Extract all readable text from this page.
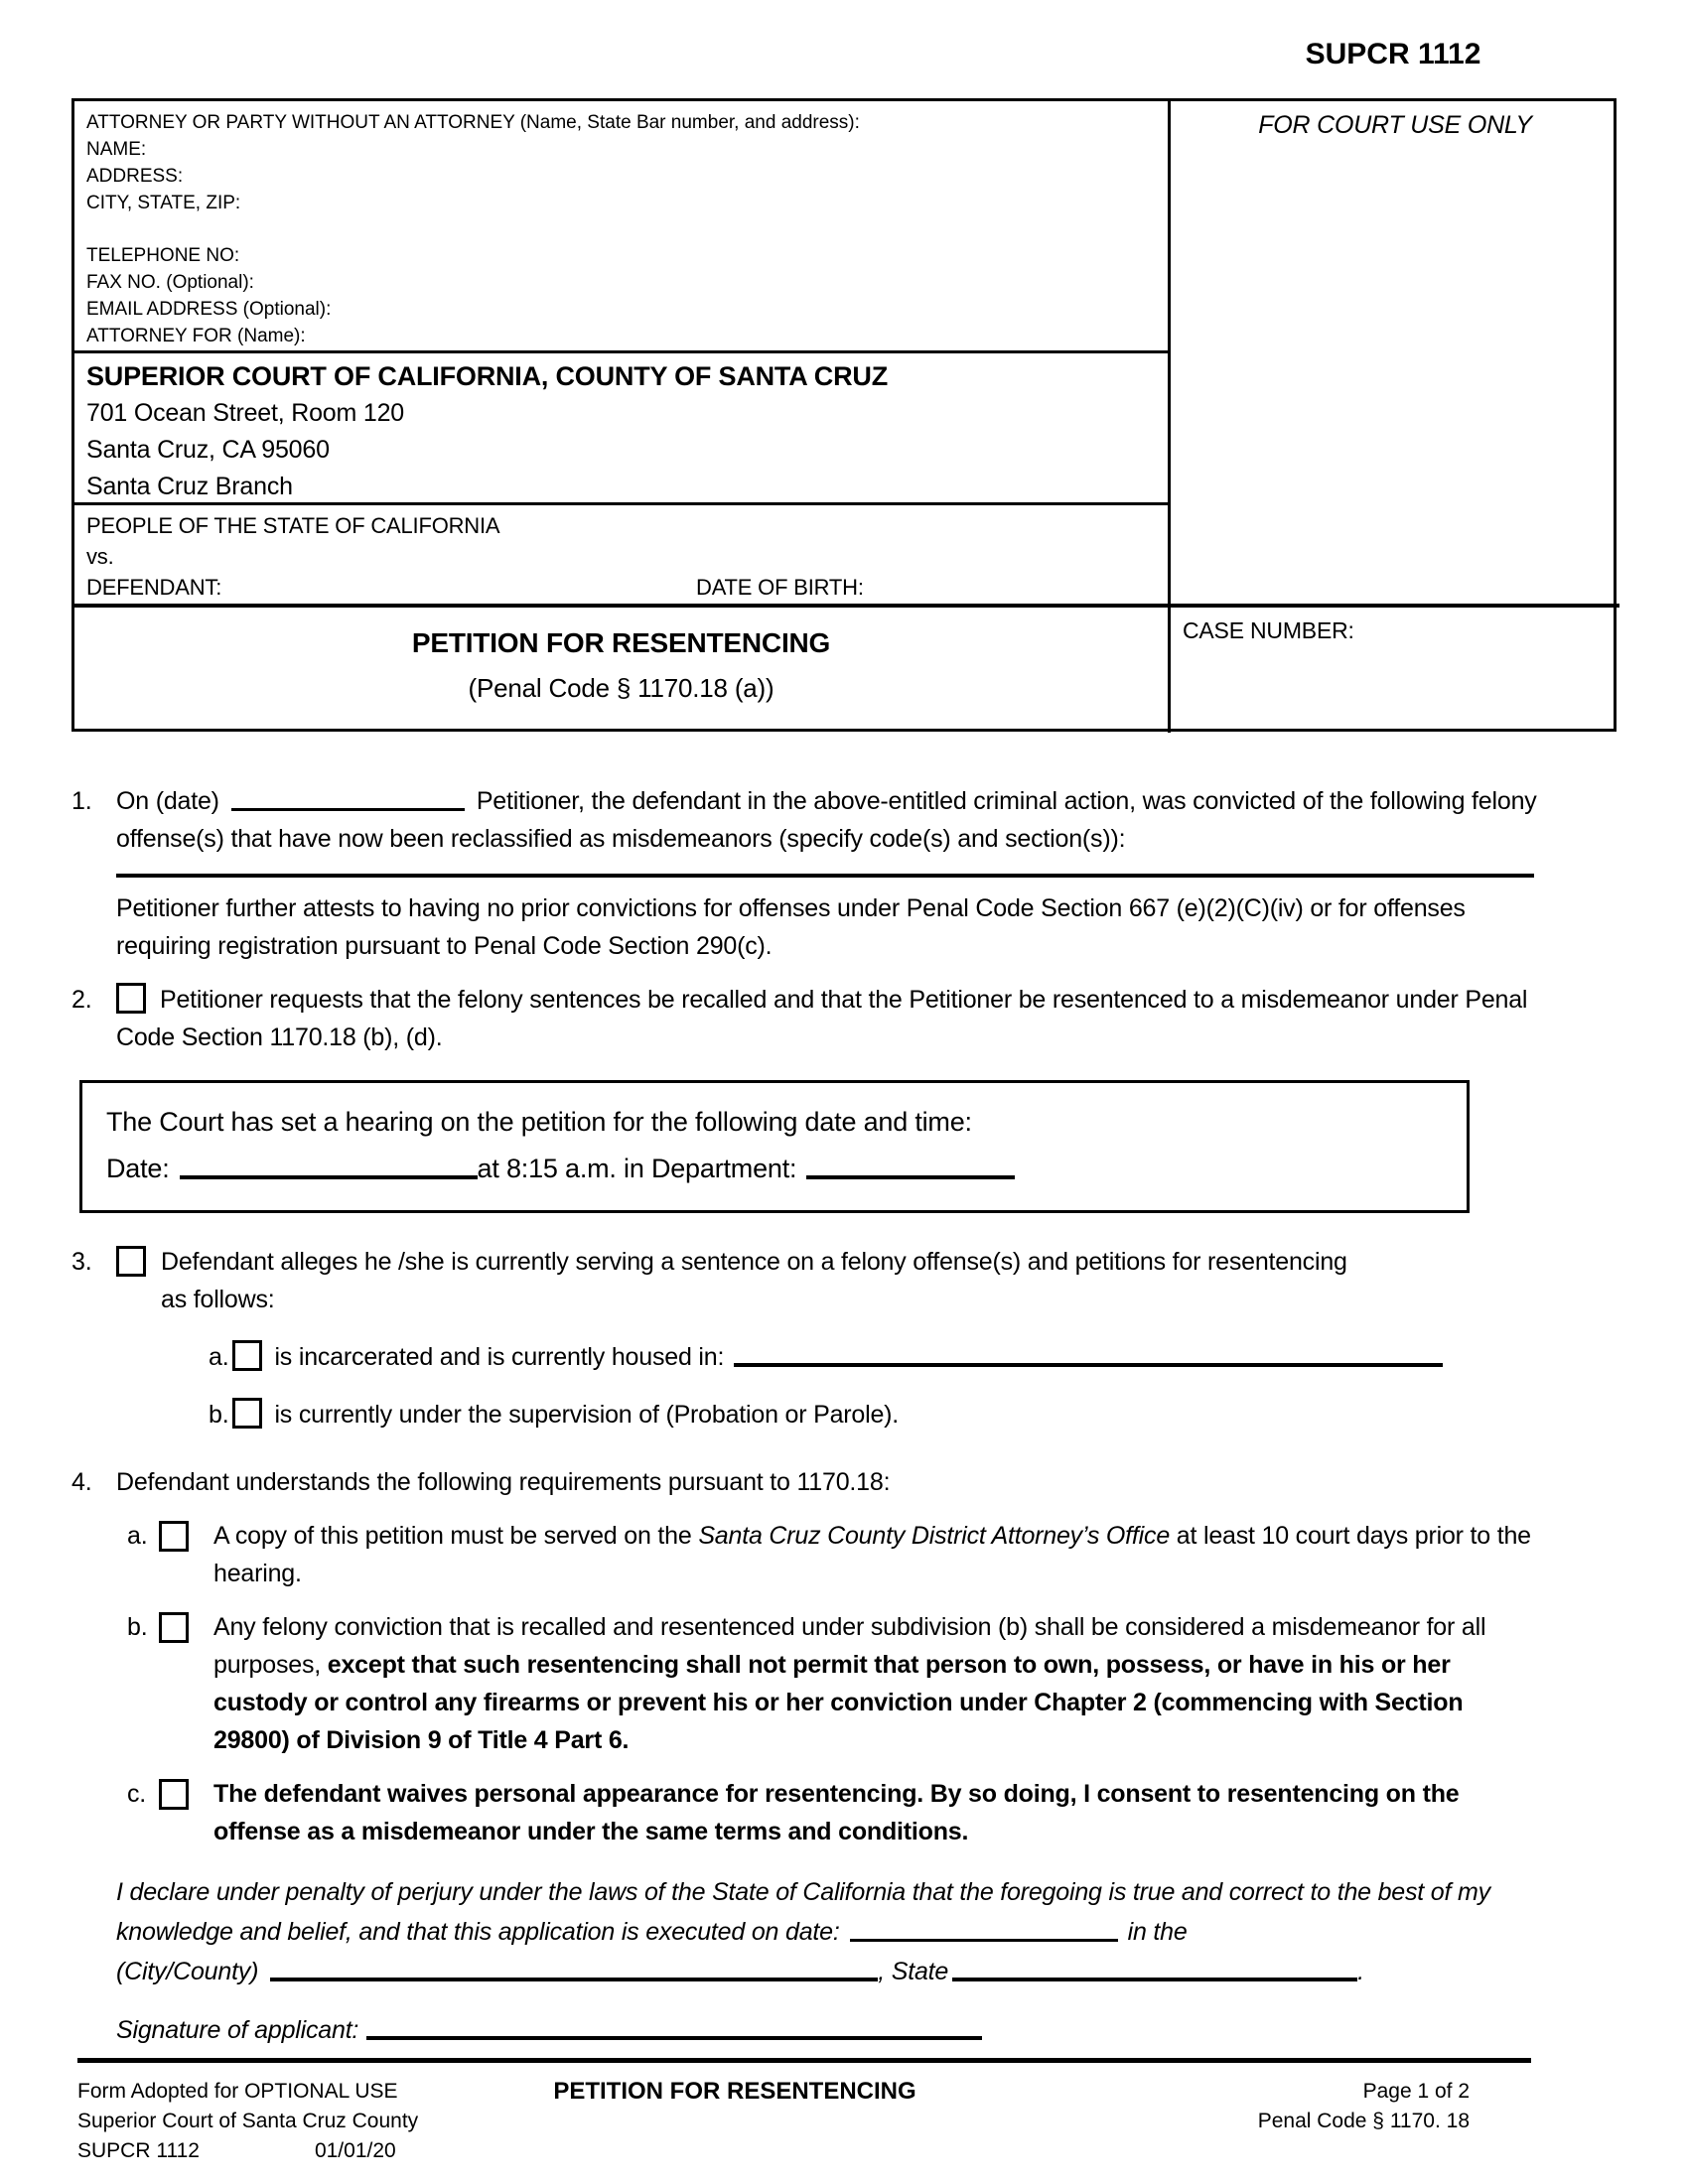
SUPCR 1112
ATTORNEY OR PARTY WITHOUT AN ATTORNEY (Name, State Bar number, and address):
NAME:
ADDRESS:
CITY, STATE, ZIP:
TELEPHONE NO:
FAX NO. (Optional):
EMAIL ADDRESS (Optional):
ATTORNEY FOR (Name):
SUPERIOR COURT OF CALIFORNIA, COUNTY OF SANTA CRUZ
701 Ocean Street, Room 120
Santa Cruz, CA 95060
Santa Cruz Branch
PEOPLE OF THE STATE OF CALIFORNIA
vs.
DEFENDANT:	DATE OF BIRTH:
PETITION FOR RESENTENCING
(Penal Code § 1170.18 (a))
FOR COURT USE ONLY
CASE NUMBER:
1. On (date)	Petitioner, the defendant in the above-entitled criminal action, was convicted of the following felony offense(s) that have now been reclassified as misdemeanors (specify code(s) and section(s)):
Petitioner further attests to having no prior convictions for offenses under Penal Code Section 667 (e)(2)(C)(iv) or for offenses requiring registration pursuant to Penal Code Section 290(c).
2.	Petitioner requests that the felony sentences be recalled and that the Petitioner be resentenced to a misdemeanor under Penal Code Section 1170.18 (b), (d).
The Court has set a hearing on the petition for the following date and time:
Date:	at 8:15 a.m. in Department:
3.	Defendant alleges he /she is currently serving a sentence on a felony offense(s) and petitions for resentencing
as follows:
a. is incarcerated and is currently housed in:
b. is currently under the supervision of (Probation or Parole).
4. Defendant understands the following requirements pursuant to 1170.18:
a.	A copy of this petition must be served on the Santa Cruz County District Attorney’s Office at least 10 court days prior to the hearing.
b.	Any felony conviction that is recalled and resentenced under subdivision (b) shall be considered a misdemeanor for all purposes, except that such resentencing shall not permit that person to own, possess, or have in his or her custody or control any firearms or prevent his or her conviction under Chapter 2 (commencing with Section 29800) of Division 9 of Title 4 Part 6.
c.	The defendant waives personal appearance for resentencing. By so doing, I consent to resentencing on the offense as a misdemeanor under the same terms and conditions.
I declare under penalty of perjury under the laws of the State of California that the foregoing is true and correct to the best of my knowledge and belief, and that this application is executed on date:	in the
(City/County)	, State	.
Signature of applicant:
Form Adopted for OPTIONAL USE
Superior Court of Santa Cruz County
SUPCR 1112	01/01/20
PETITION FOR RESENTENCING	Page 1 of 2
Penal Code § 1170. 18
